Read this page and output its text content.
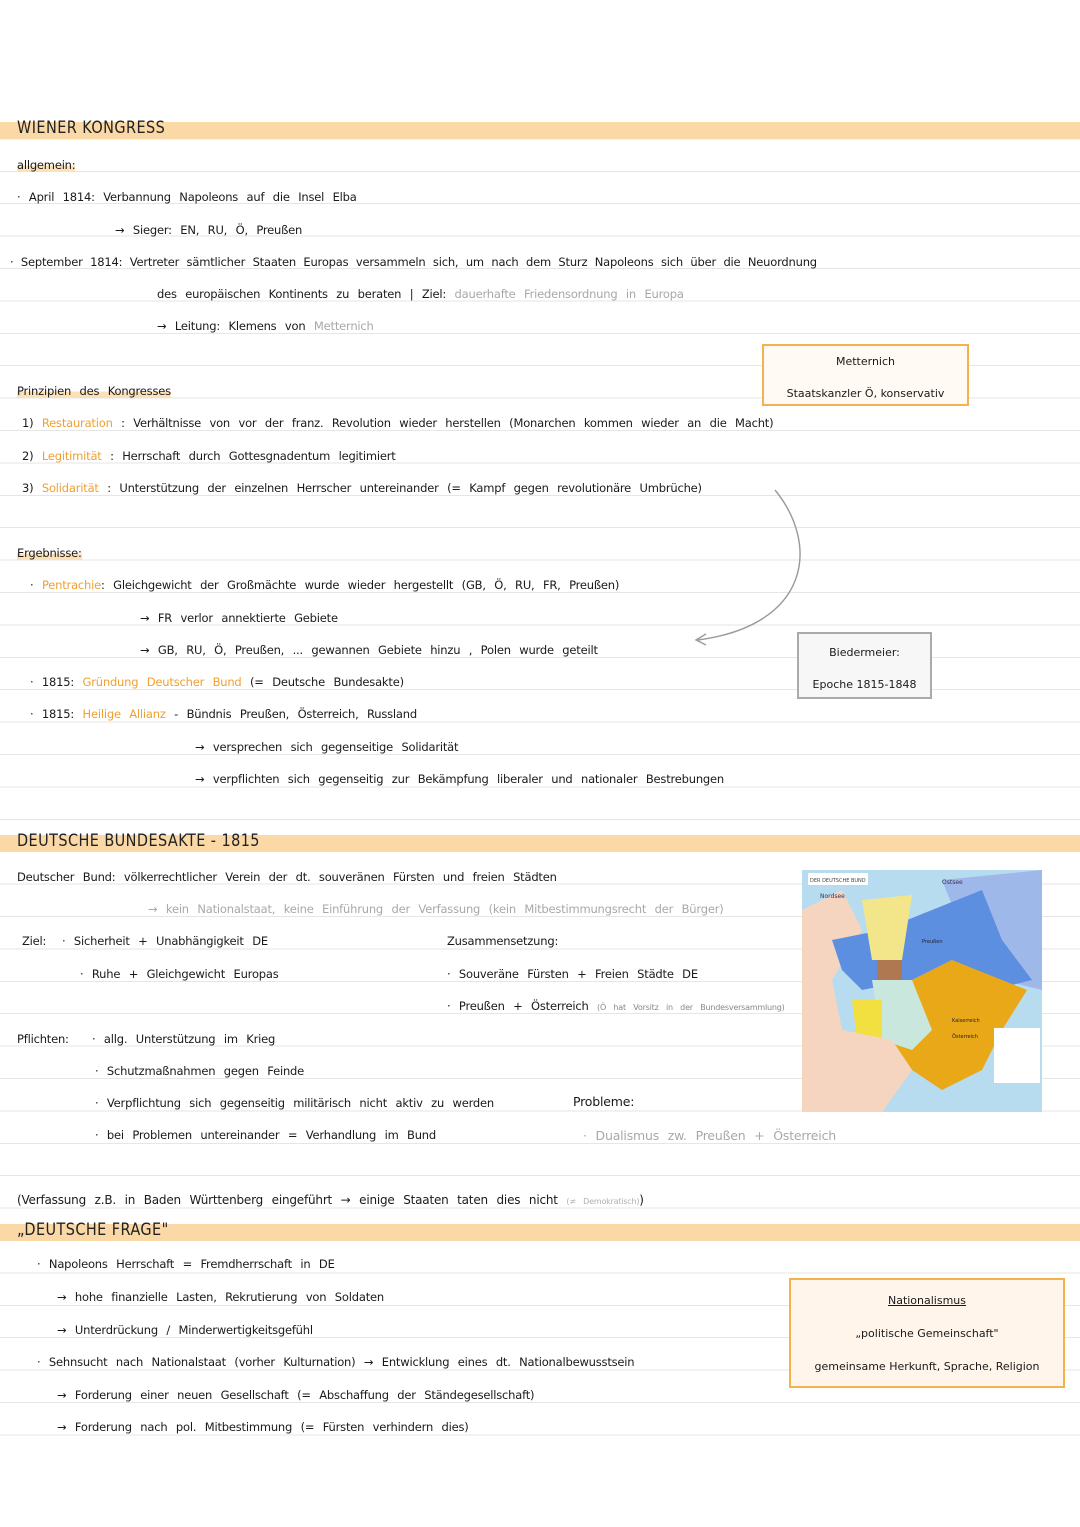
WIENER KONGRESS
allgemein:
· April 1814: Verbannung Napoleons auf die Insel Elba
→ Sieger: EN, RU, Ö, Preußen
· September 1814: Vertreter sämtlicher Staaten Europas versammeln sich, um nach dem Sturz Napoleons sich über die Neuordnung
des europäischen Kontinents zu beraten | Ziel: dauerhafte Friedensordnung in Europa
→ Leitung: Klemens von Metternich
Metternich
Staatskanzler Ö, konservativ
Prinzipien des Kongresses
1) Restauration : Verhältnisse von vor der franz. Revolution wieder herstellen (Monarchen kommen wieder an die Macht)
2) Legitimität : Herrschaft durch Gottesgnadentum legitimiert
3) Solidarität : Unterstützung der einzelnen Herrscher untereinander (= Kampf gegen revolutionäre Umbrüche)
Ergebnisse:
· Pentrachie: Gleichgewicht der Großmächte wurde wieder hergestellt (GB, Ö, RU, FR, Preußen)
→ FR verlor annektierte Gebiete
→ GB, RU, Ö, Preußen, ... gewannen Gebiete hinzu , Polen wurde geteilt
· 1815: Gründung Deutscher Bund (= Deutsche Bundesakte)
· 1815: Heilige Allianz - Bündnis Preußen, Österreich, Russland
→ versprechen sich gegenseitige Solidarität
→ verpflichten sich gegenseitig zur Bekämpfung liberaler und nationaler Bestrebungen
Biedermeier:
Epoche 1815-1848
DEUTSCHE BUNDESAKTE - 1815
Deutscher Bund: völkerrechtlicher Verein der dt. souveränen Fürsten und freien Städten
→ kein Nationalstaat, keine Einführung der Verfassung (kein Mitbestimmungsrecht der Bürger)
Ziel: · Sicherheit + Unabhängigkeit DE
· Ruhe + Gleichgewicht Europas
Zusammensetzung:
· Souveräne Fürsten + Freien Städte DE
· Preußen + Österreich (Ö hat Vorsitz in der Bundesversammlung)
Pflichten: · allg. Unterstützung im Krieg
· Schutzmaßnahmen gegen Feinde
· Verpflichtung sich gegenseitig militärisch nicht aktiv zu werden
· bei Problemen untereinander = Verhandlung im Bund
Probleme:
· Dualismus zw. Preußen + Österreich
DER DEUTSCHE BUND
Nordsee
Ostsee
Preußen
Kaiserreich
Österreich
(Verfassung z.B. in Baden Württenberg eingeführt → einige Staaten taten dies nicht (≠ Demokratisch))
„DEUTSCHE FRAGE"
· Napoleons Herrschaft = Fremdherrschaft in DE
→ hohe finanzielle Lasten, Rekrutierung von Soldaten
→ Unterdrückung / Minderwertigkeitsgefühl
· Sehnsucht nach Nationalstaat (vorher Kulturnation) → Entwicklung eines dt. Nationalbewusstsein
→ Forderung einer neuen Gesellschaft (= Abschaffung der Ständegesellschaft)
→ Forderung nach pol. Mitbestimmung (= Fürsten verhindern dies)
Nationalismus
„politische Gemeinschaft"
gemeinsame Herkunft, Sprache, Religion
